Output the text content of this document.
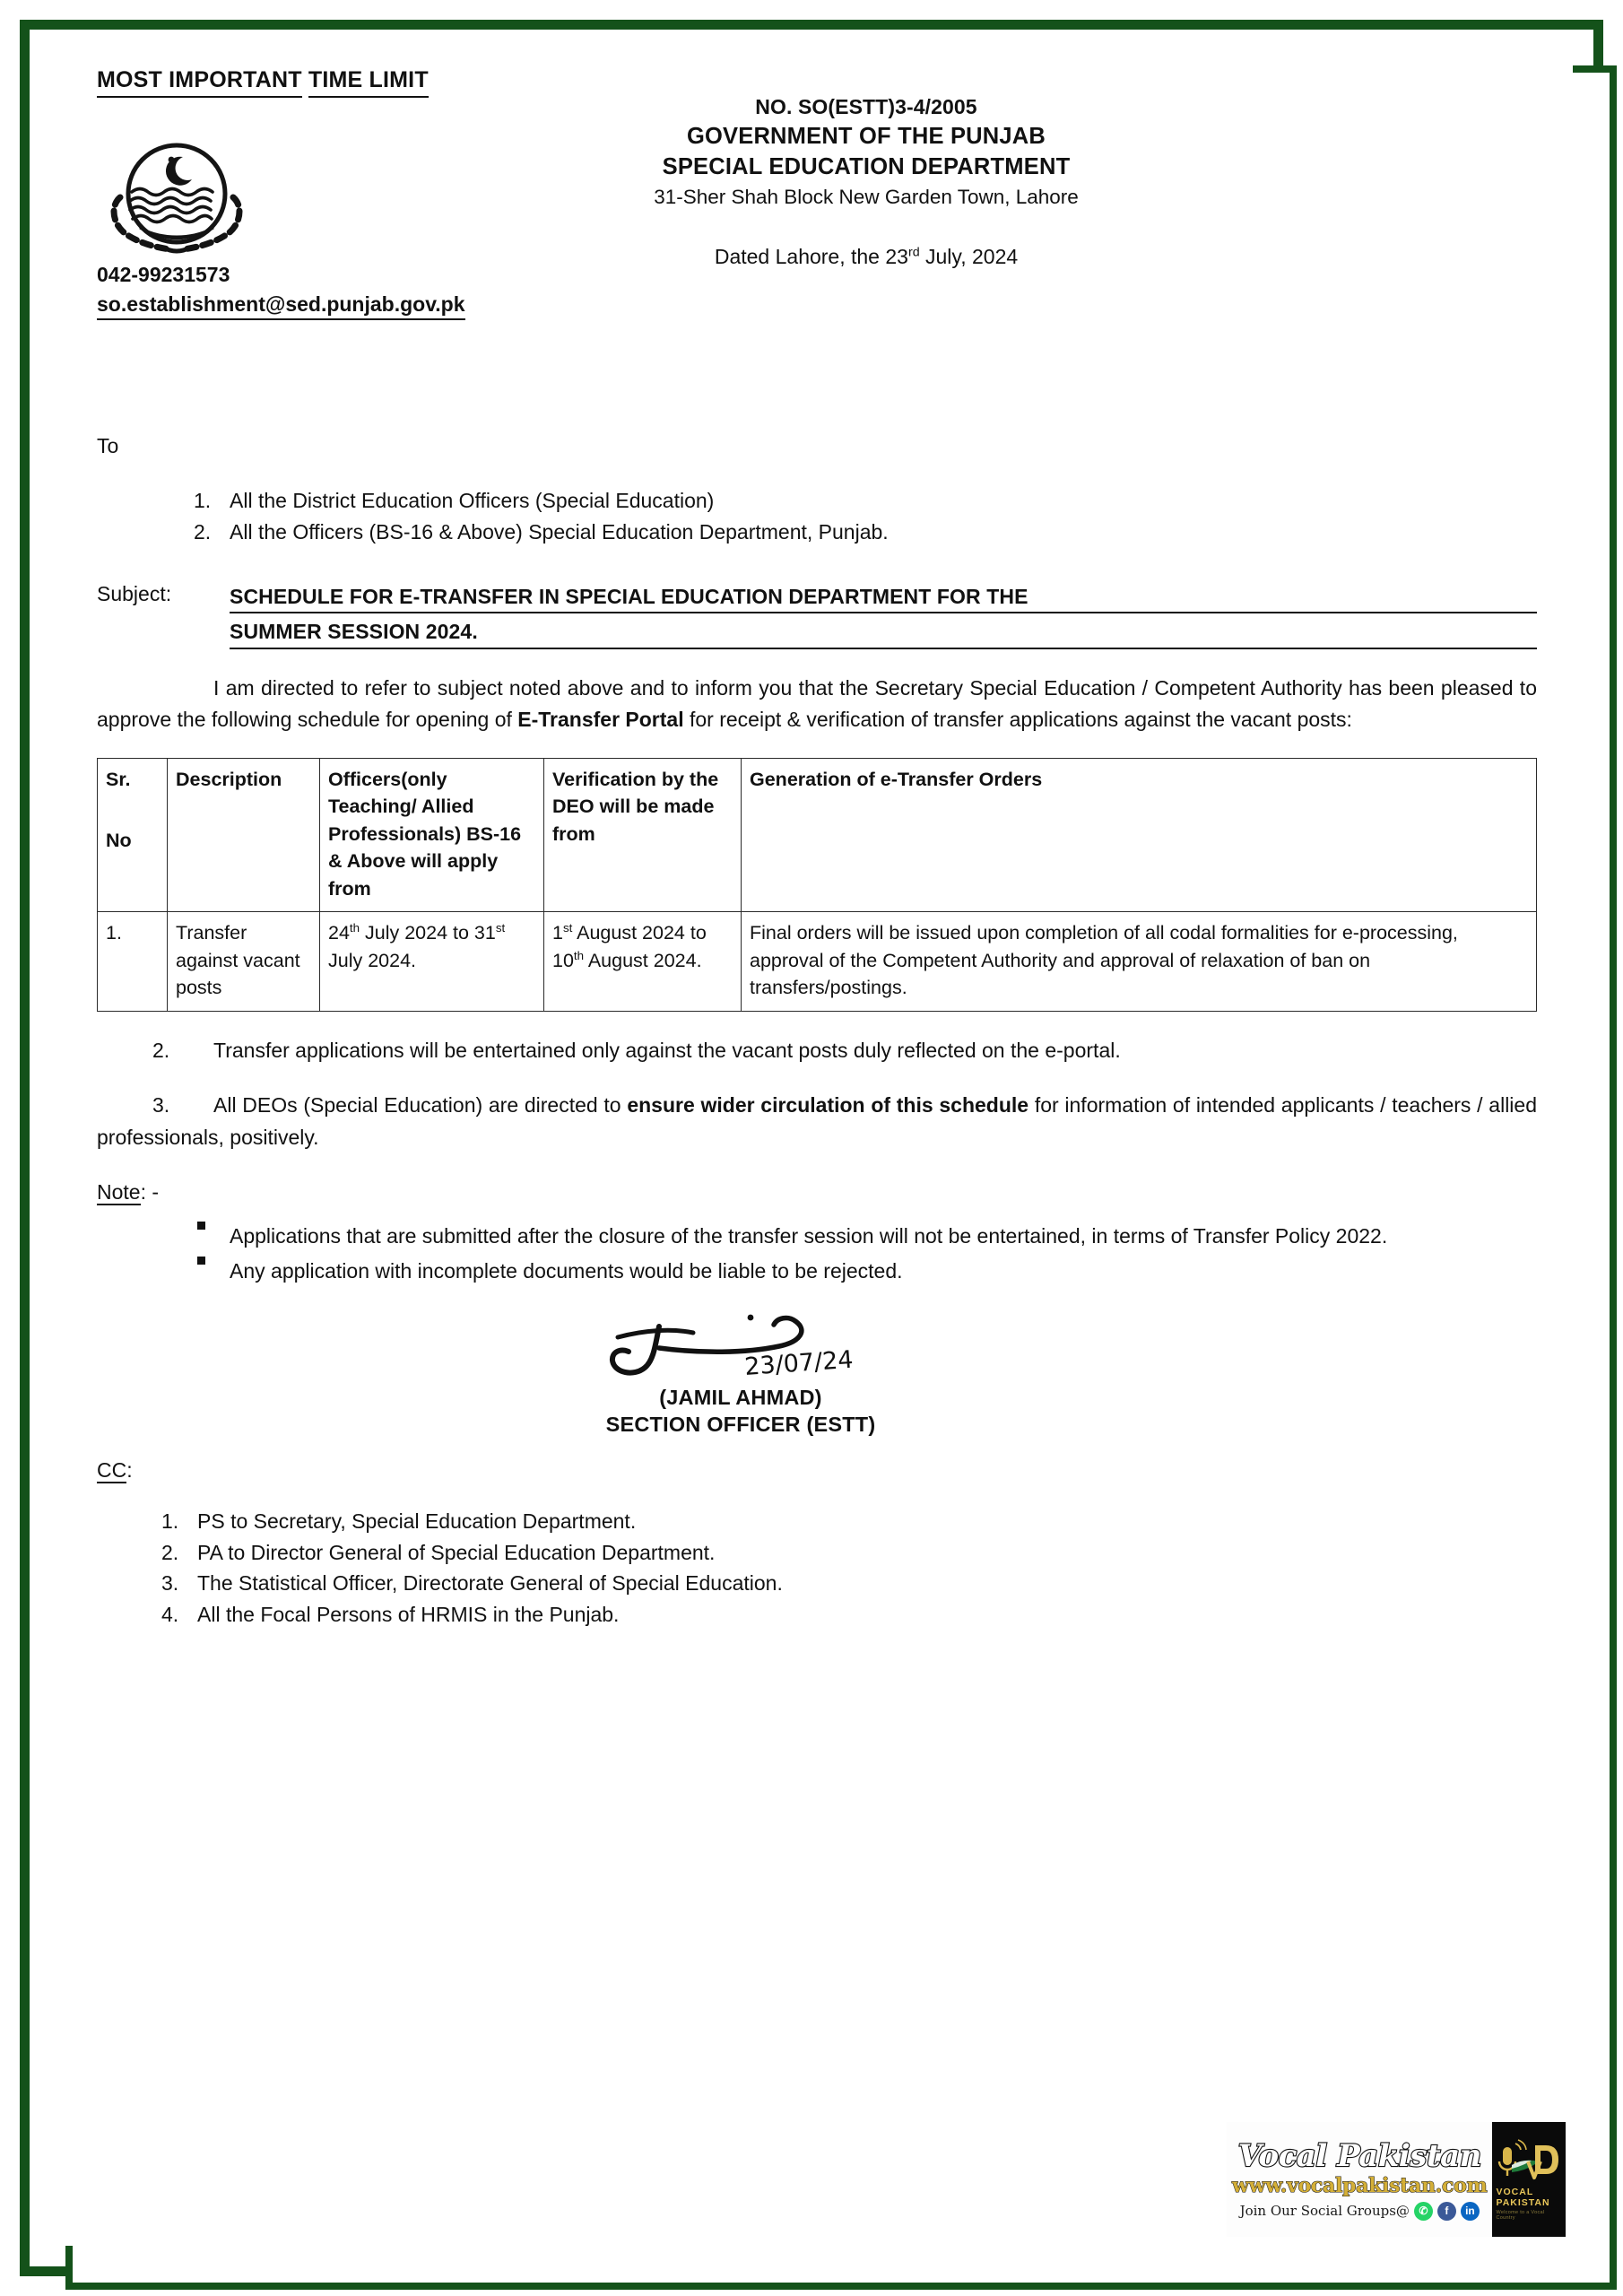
MOST IMPORTANT TIME LIMIT
042-99231573
so.establishment@sed.punjab.gov.pk
NO. SO(ESTT)3-4/2005
GOVERNMENT OF THE PUNJAB
SPECIAL EDUCATION DEPARTMENT
31-Sher Shah Block New Garden Town, Lahore
Dated Lahore, the 23rd July, 2024
To
1. All the District Education Officers (Special Education)
2. All the Officers (BS-16 & Above) Special Education Department, Punjab.
Subject:	SCHEDULE FOR E-TRANSFER IN SPECIAL EDUCATION DEPARTMENT FOR THE
SUMMER SESSION 2024.

I am directed to refer to subject noted above and to inform you that the Secretary Special Education / Competent Authority has been pleased to approve the following schedule for opening of E-Transfer Portal for receipt & verification of transfer applications against the vacant posts:

Sr.
No	Description	Officers(only Teaching/ Allied Professionals) BS-16 & Above will apply from	Verification by the DEO will be made from	Generation of e-Transfer Orders
1.	Transfer against vacant posts	24th July 2024 to 31st July 2024.	1st August 2024 to 10th August 2024.	Final orders will be issued upon completion of all codal formalities for e-processing, approval of the Competent Authority and approval of relaxation of ban on transfers/postings.

2. Transfer applications will be entertained only against the vacant posts duly reflected on the e-portal.

3. All DEOs (Special Education) are directed to ensure wider circulation of this schedule for information of intended applicants / teachers / allied professionals, positively.

Note: -
Applications that are submitted after the closure of the transfer session will not be entertained, in terms of Transfer Policy 2022.
Any application with incomplete documents would be liable to be rejected.
23/07/24
(JAMIL AHMAD)
SECTION OFFICER (ESTT)
CC:
1. PS to Secretary, Special Education Department.
2. PA to Director General of Special Education Department.
3. The Statistical Officer, Directorate General of Special Education.
4. All the Focal Persons of HRMIS in the Punjab.
Vocal Pakistan
www.vocalpakistan.com
Join Our Social Groups@ ✆	f	in
VOCAL PAKISTAN
Welcome to a Vocal Country
